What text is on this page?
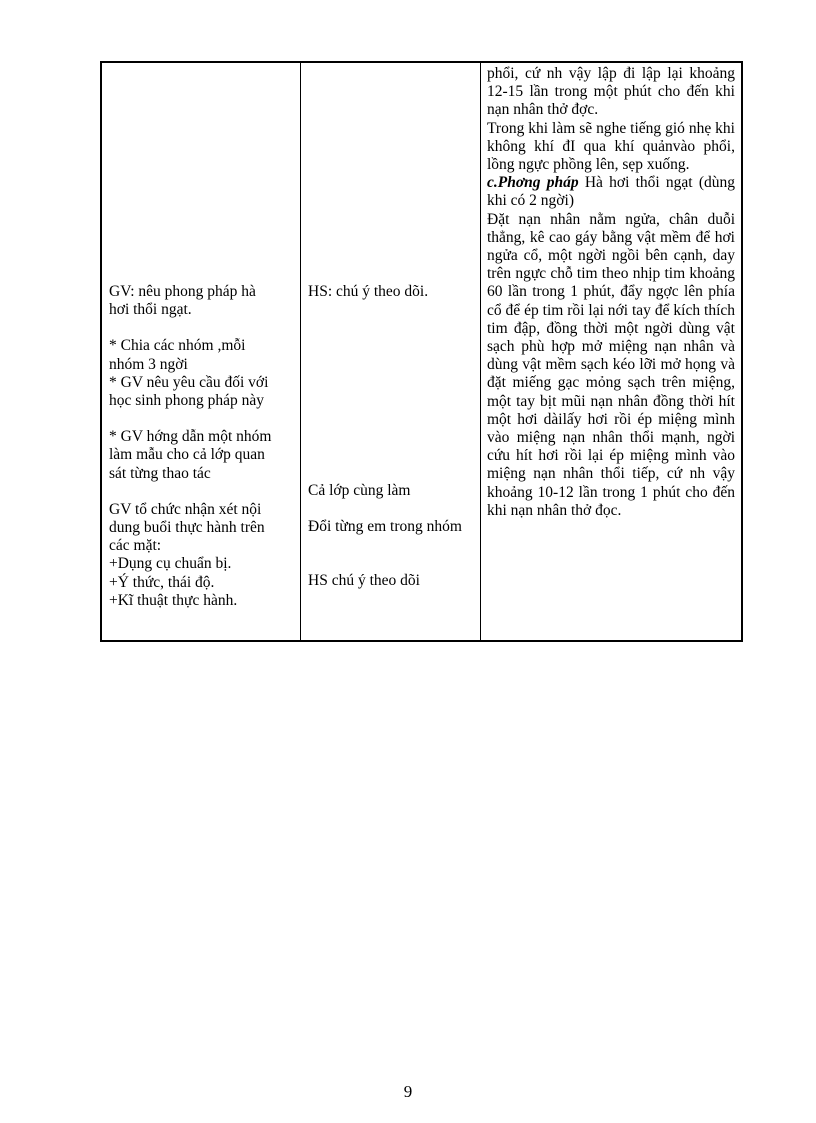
GV: nêu phong pháp hà hơi thổi ngạt.

* Chia các nhóm ,mỗi nhóm 3 ngời

* GV nêu yêu cầu đối với học sinh phong pháp này

* GV hớng dẫn một nhóm làm mẫu cho cả lớp quan sát từng thao tác

GV tổ chức nhận xét nội dung buổi thực hành trên các mặt:

+Dụng cụ chuẩn bị.

+Ý thức, thái độ.

+Kĩ thuật thực hành.

HS: chú ý theo dõi.
Cả lớp cùng làm
Đổi từng em trong nhóm
HS chú ý theo dõi

phổi, cứ nh vậy lập đi lập lại khoảng 12-15 lần trong một phút cho đến khi nạn nhân thở đợc.

Trong khi làm sẽ nghe tiếng gió nhẹ khi không khí đI qua khí quảnvào phổi, lồng ngực phồng lên, sẹp xuống.

c.Phơng pháp Hà hơi thổi ngạt (dùng khi có 2 ngời)

Đặt nạn nhân nằm ngửa, chân duỗi thẳng, kê cao gáy bằng vật mềm để hơi ngửa cổ, một ngời ngồi bên cạnh, day trên ngực chỗ tim theo nhịp tim khoảng 60 lần trong 1 phút, đẩy ngợc lên phía cổ để ép tim rồi lại nới tay để kích thích tim đập, đồng thời một ngời dùng vật sạch phù hợp mở miệng nạn nhân và dùng vật mềm sạch kéo lỡi mở họng và đặt miếng gạc mỏng sạch trên miệng, một tay bịt mũi nạn nhân đồng thời hít một hơi dàilấy hơi rồi ép miệng mình vào miệng nạn nhân thổi mạnh, ngời cứu hít hơi rồi lại ép miệng mình vào miệng nạn nhân thổi tiếp, cứ nh vậy khoảng 10-12 lần trong 1 phút cho đến khi nạn nhân thở đọc.

9
